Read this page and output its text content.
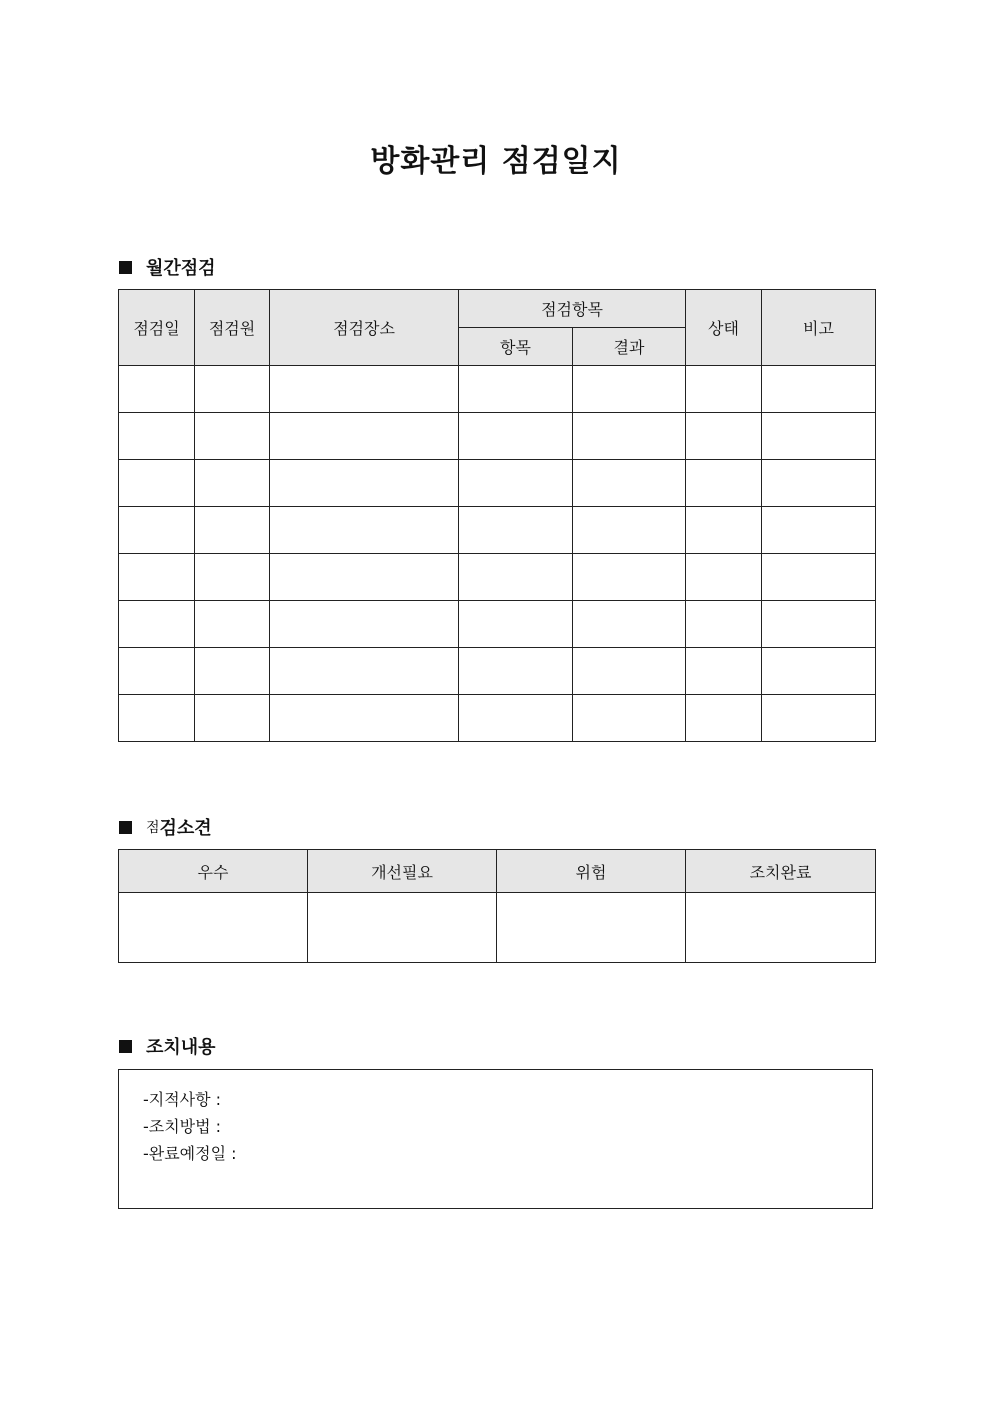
방화관리 점검일지
월간점검
점검일	점검원	점검장소	점검항목		상태	비고
			항목	결과		

점 검소견
우수	개선필요	위험	조치완료

조치내용
-지적사항 :
-조치방법 :
-완료예정일 :
